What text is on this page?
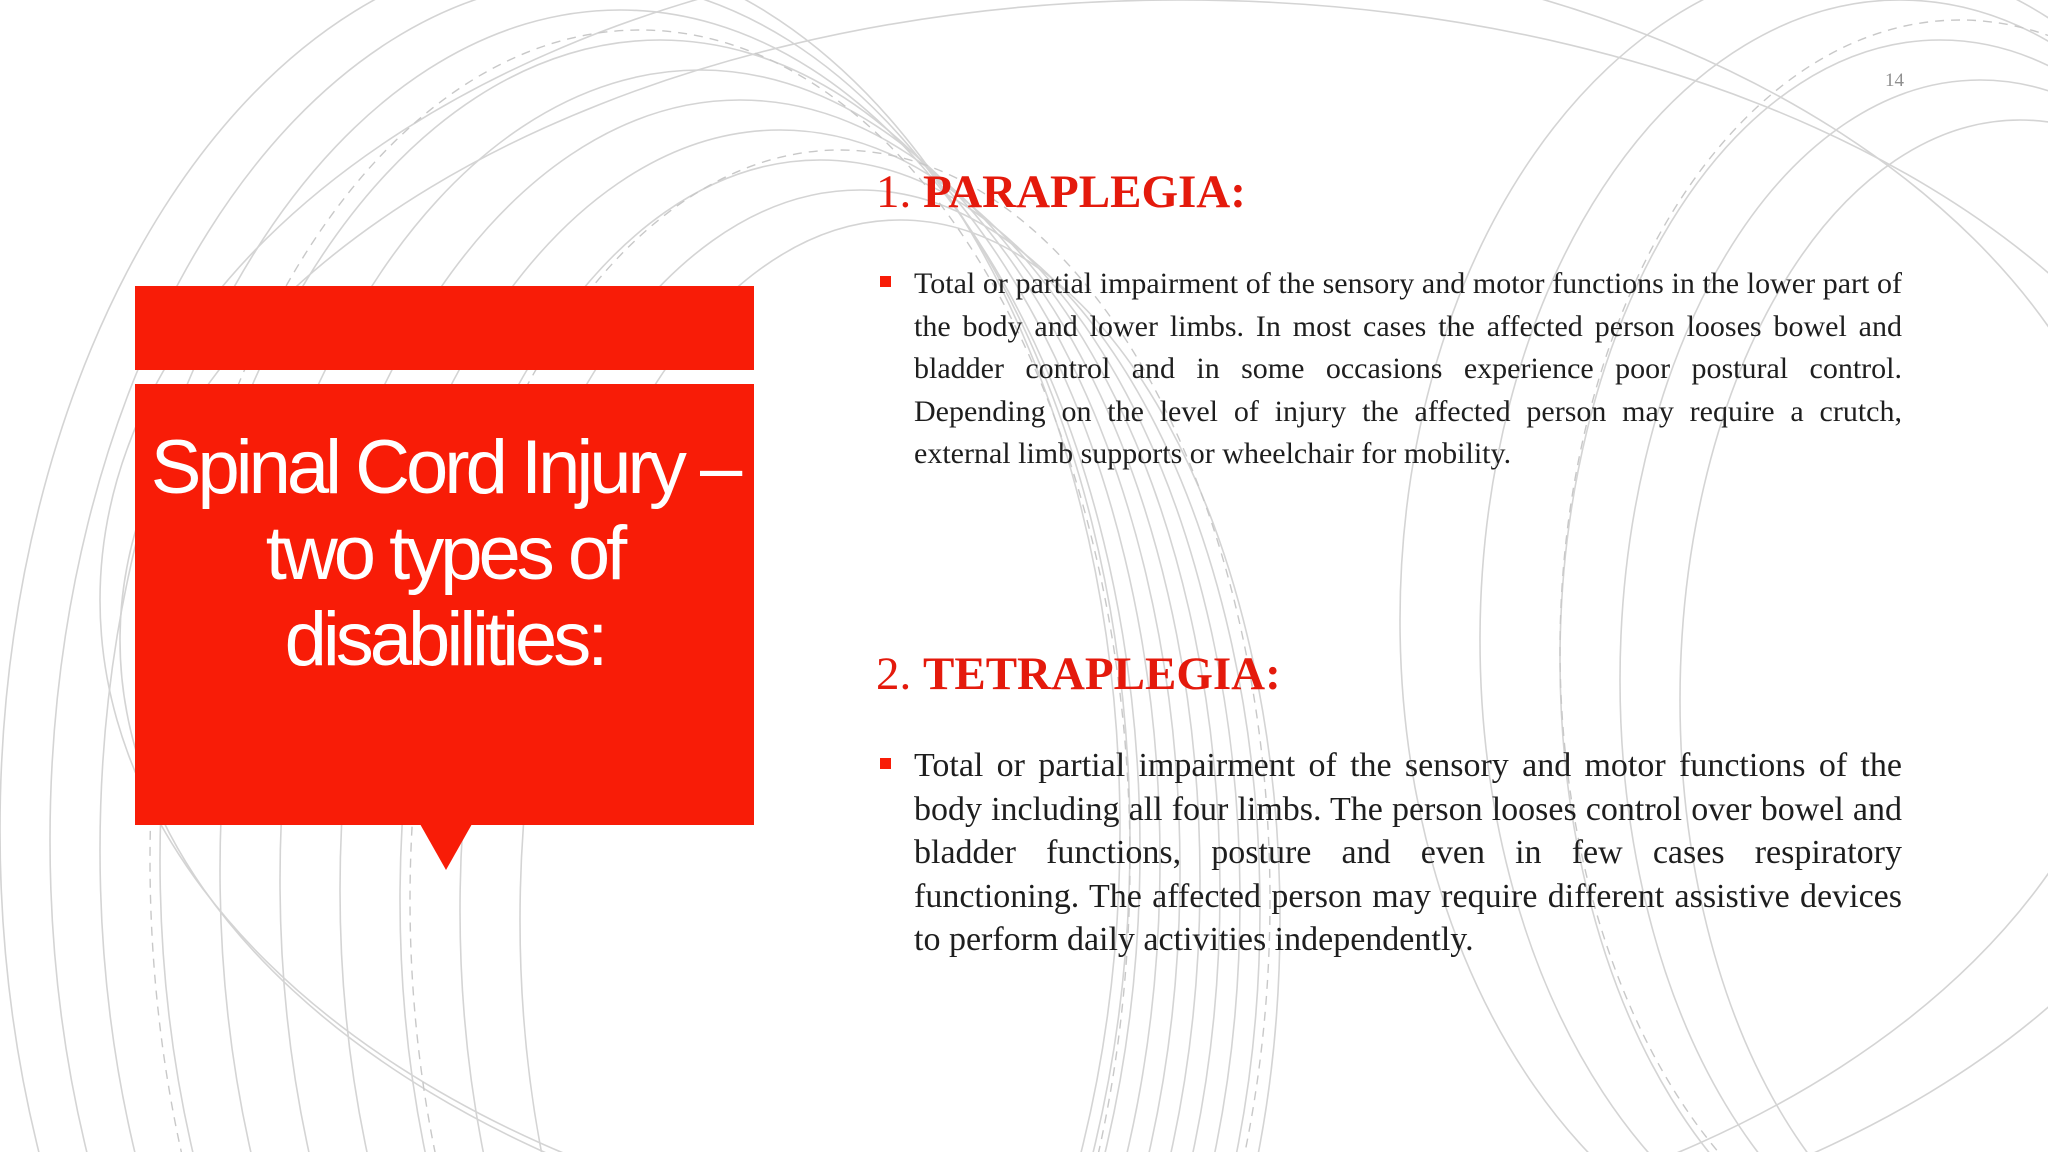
14
Spinal Cord Injury – two types of disabilities:
1. PARAPLEGIA:

Total or partial impairment of the sensory and motor functions in the lower part of the body and lower limbs. In most cases the affected person looses bowel and bladder control and in some occasions experience poor postural control. Depending on the level of injury the affected person may require a crutch, external limb supports or wheelchair for mobility.

2. TETRAPLEGIA:

Total or partial impairment of the sensory and motor functions of the body including all four limbs. The person looses control over bowel and bladder functions, posture and even in few cases respiratory functioning. The affected person may require different assistive devices to perform daily activities independently.
